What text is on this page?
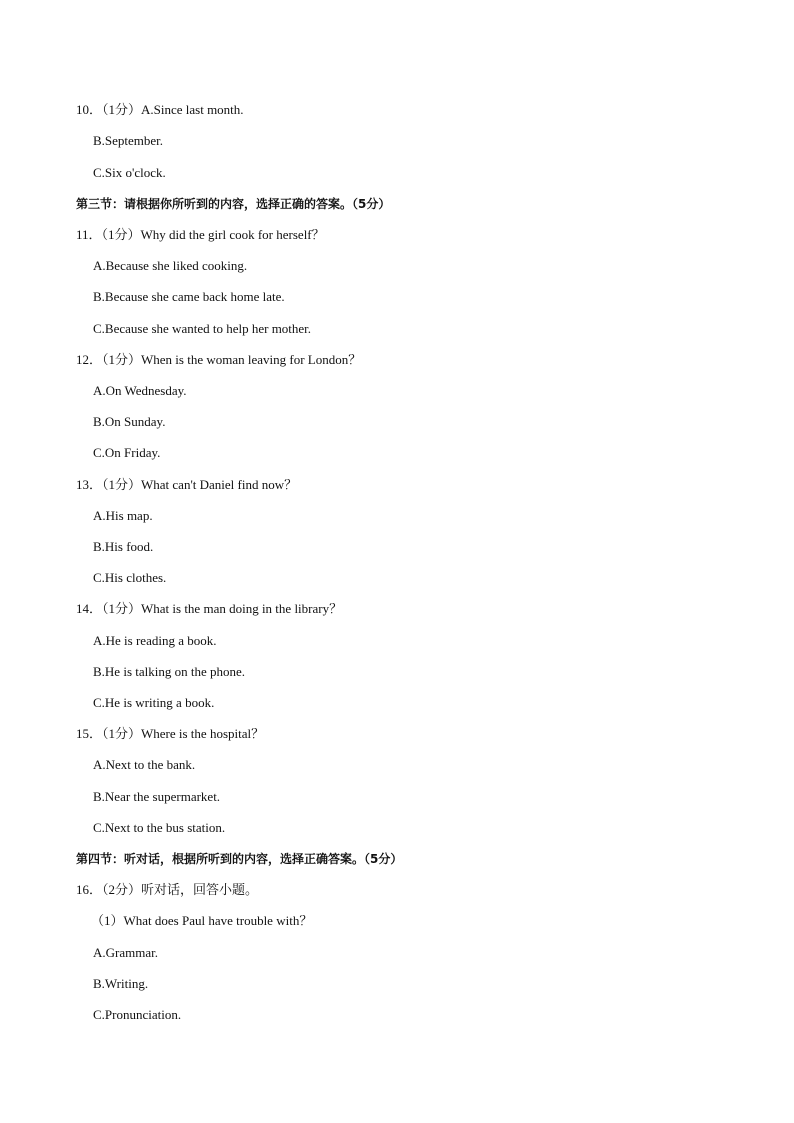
10．（1分）A.Since last month.
B.September.
C.Six o'clock.
第三节：请根据你所听到的内容，选择正确的答案。（5分）
11．（1分）Why did the girl cook for herself？
A.Because she liked cooking.
B.Because she came back home late.
C.Because she wanted to help her mother.
12．（1分）When is the woman leaving for London？
A.On Wednesday.
B.On Sunday.
C.On Friday.
13．（1分）What can't Daniel find now？
A.His map.
B.His food.
C.His clothes.
14．（1分）What is the man doing in the library？
A.He is reading a book.
B.He is talking on the phone.
C.He is writing a book.
15．（1分）Where is the hospital？
A.Next to the bank.
B.Near the supermarket.
C.Next to the bus station.
第四节：听对话，根据所听到的内容，选择正确答案。（5分）
16．（2分）听对话，回答小题。
（1）What does Paul have trouble with？
A.Grammar.
B.Writing.
C.Pronunciation.
